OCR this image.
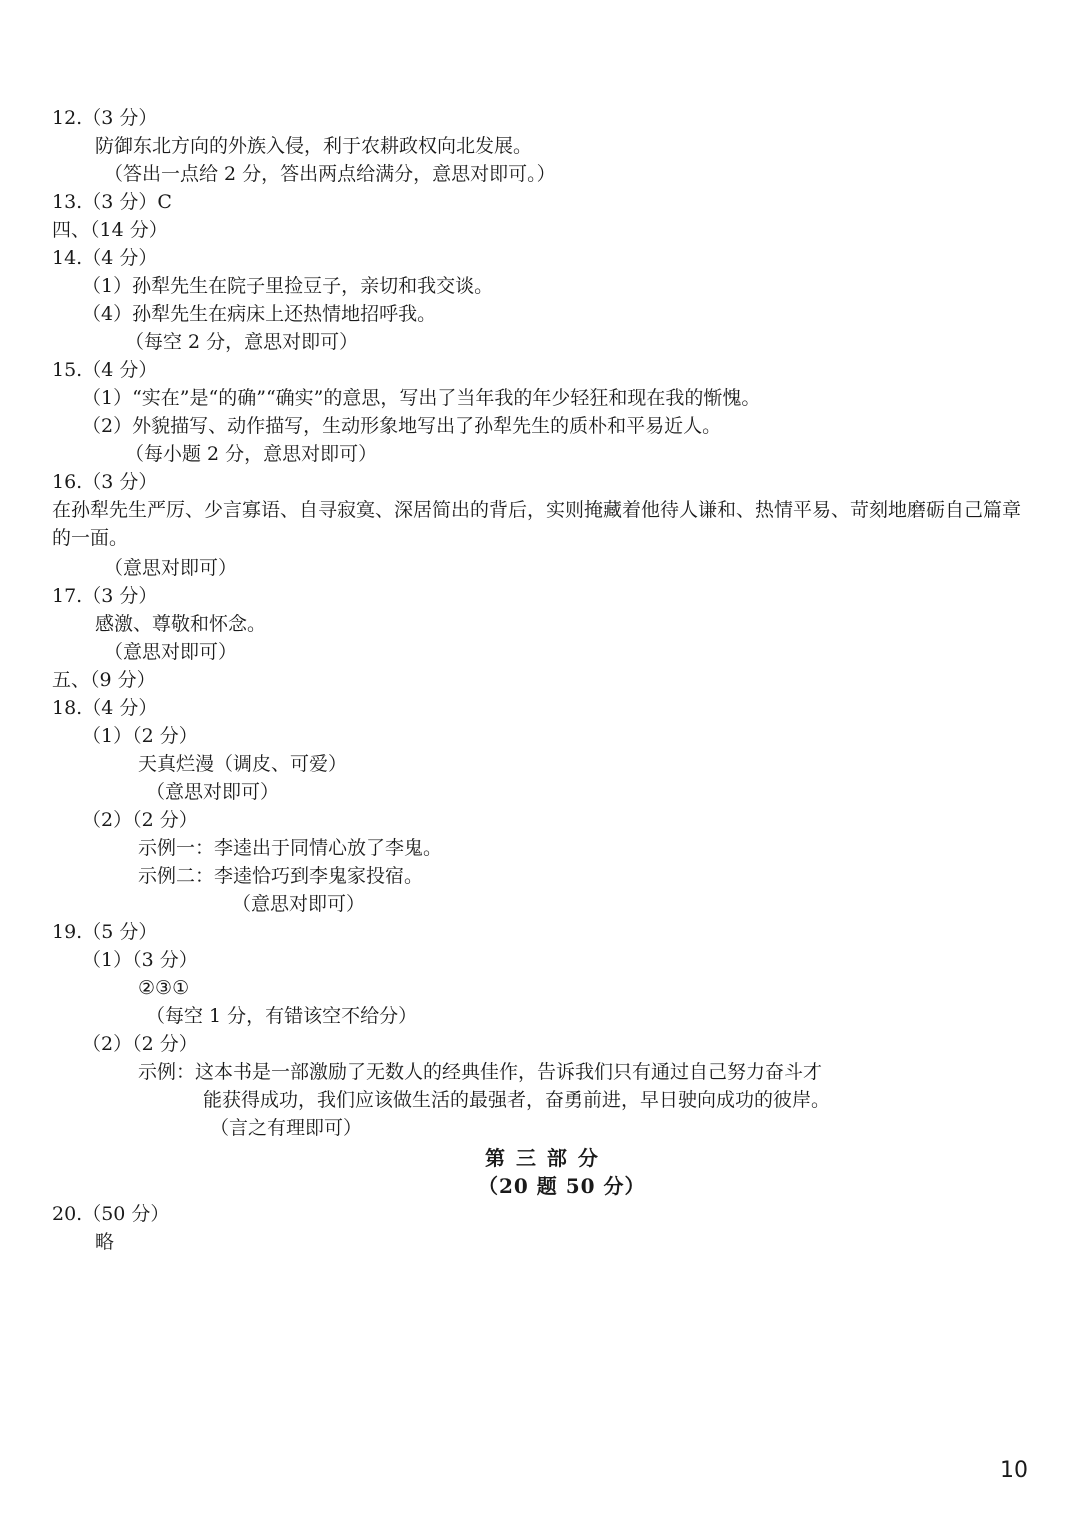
12.（3 分）
防御东北方向的外族入侵，利于农耕政权向北发展。
（答出一点给 2 分，答出两点给满分，意思对即可。）
13.（3 分）C
四、（14 分）
14.（4 分）
（1）孙犁先生在院子里捡豆子，亲切和我交谈。
（4）孙犁先生在病床上还热情地招呼我。
（每空 2 分，意思对即可）
15.（4 分）
（1）“实在”是“的确”“确实”的意思，写出了当年我的年少轻狂和现在我的惭愧。
（2）外貌描写、动作描写，生动形象地写出了孙犁先生的质朴和平易近人。
（每小题 2 分，意思对即可）
16.（3 分）
在孙犁先生严厉、少言寡语、自寻寂寞、深居简出的背后，实则掩藏着他待人谦和、热情平易、苛刻地磨砺自己篇章的一面。
（意思对即可）
17.（3 分）
感激、尊敬和怀念。
（意思对即可）
五、（9 分）
18.（4 分）
（1）（2 分）
天真烂漫（调皮、可爱）
（意思对即可）
（2）（2 分）
示例一：李逵出于同情心放了李鬼。
示例二：李逵恰巧到李鬼家投宿。
（意思对即可）
19.（5 分）
（1）（3 分）
②③①
（每空 1 分，有错该空不给分）
（2）（2 分）
示例：这本书是一部激励了无数人的经典佳作，告诉我们只有通过自己努力奋斗才
能获得成功，我们应该做生活的最强者，奋勇前进，早日驶向成功的彼岸。
（言之有理即可）
第 三 部 分
（20 题 50 分）
20.（50 分）
略
10
